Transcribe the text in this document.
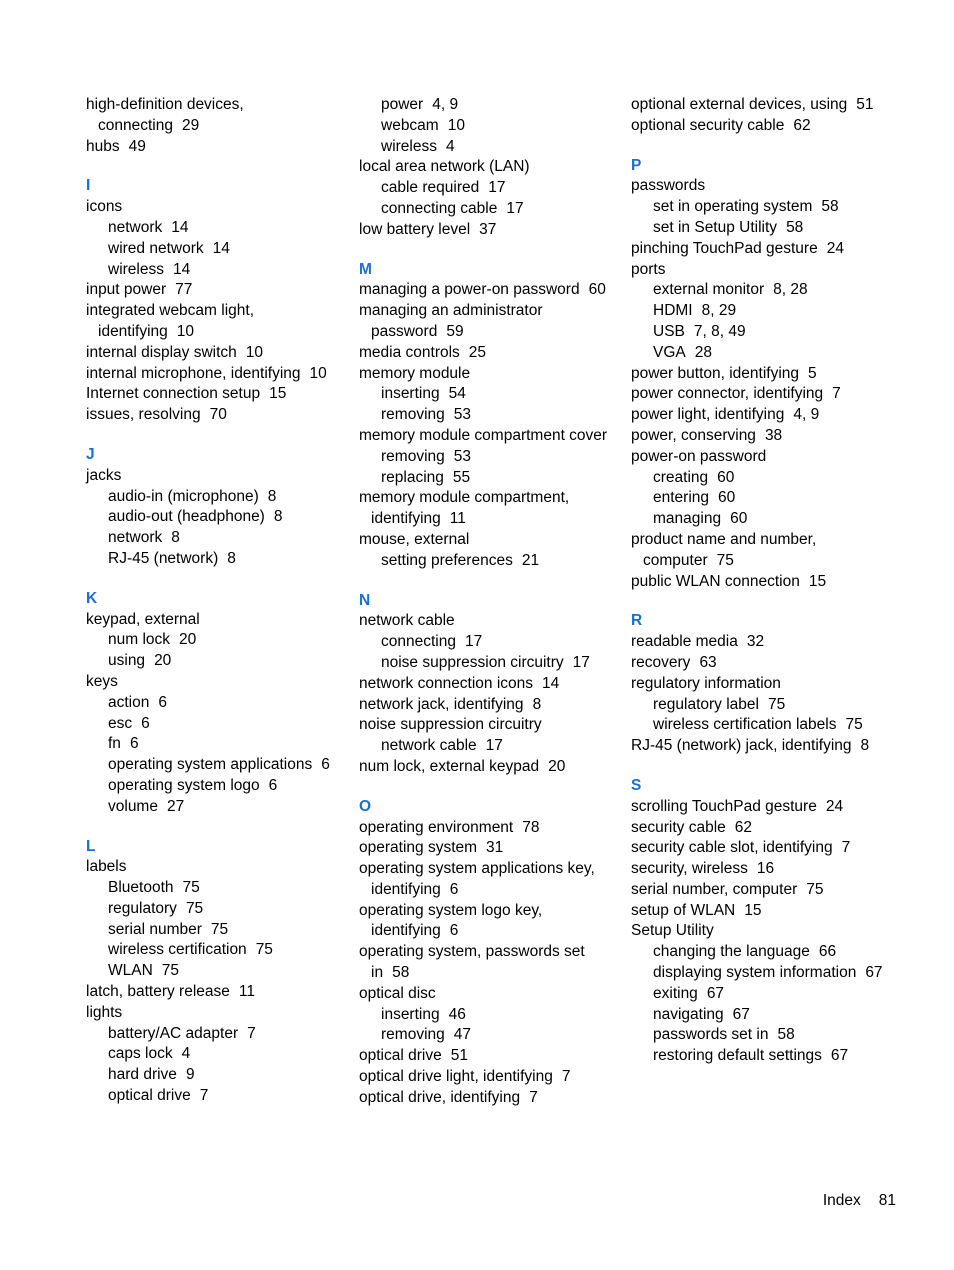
high-definition devices, connecting 29
hubs 49
I
icons
network 14
wired network 14
wireless 14
input power 77
integrated webcam light, identifying 10
internal display switch 10
internal microphone, identifying 10
Internet connection setup 15
issues, resolving 70
J
jacks
audio-in (microphone) 8
audio-out (headphone) 8
network 8
RJ-45 (network) 8
K
keypad, external
num lock 20
using 20
keys
action 6
esc 6
fn 6
operating system applications 6
operating system logo 6
volume 27
L
labels
Bluetooth 75
regulatory 75
serial number 75
wireless certification 75
WLAN 75
latch, battery release 11
lights
battery/AC adapter 7
caps lock 4
hard drive 9
optical drive 7
power 4, 9
webcam 10
wireless 4
local area network (LAN)
cable required 17
connecting cable 17
low battery level 37
M
managing a power-on password 60
managing an administrator password 59
media controls 25
memory module
inserting 54
removing 53
memory module compartment cover
removing 53
replacing 55
memory module compartment, identifying 11
mouse, external
setting preferences 21
N
network cable
connecting 17
noise suppression circuitry 17
network connection icons 14
network jack, identifying 8
noise suppression circuitry
network cable 17
num lock, external keypad 20
O
operating environment 78
operating system 31
operating system applications key, identifying 6
operating system logo key, identifying 6
operating system, passwords set in 58
optical disc
inserting 46
removing 47
optical drive 51
optical drive light, identifying 7
optical drive, identifying 7
optional external devices, using 51
optional security cable 62
P
passwords
set in operating system 58
set in Setup Utility 58
pinching TouchPad gesture 24
ports
external monitor 8, 28
HDMI 8, 29
USB 7, 8, 49
VGA 28
power button, identifying 5
power connector, identifying 7
power light, identifying 4, 9
power, conserving 38
power-on password
creating 60
entering 60
managing 60
product name and number, computer 75
public WLAN connection 15
R
readable media 32
recovery 63
regulatory information
regulatory label 75
wireless certification labels 75
RJ-45 (network) jack, identifying 8
S
scrolling TouchPad gesture 24
security cable 62
security cable slot, identifying 7
security, wireless 16
serial number, computer 75
setup of WLAN 15
Setup Utility
changing the language 66
displaying system information 67
exiting 67
navigating 67
passwords set in 58
restoring default settings 67
Index 81
